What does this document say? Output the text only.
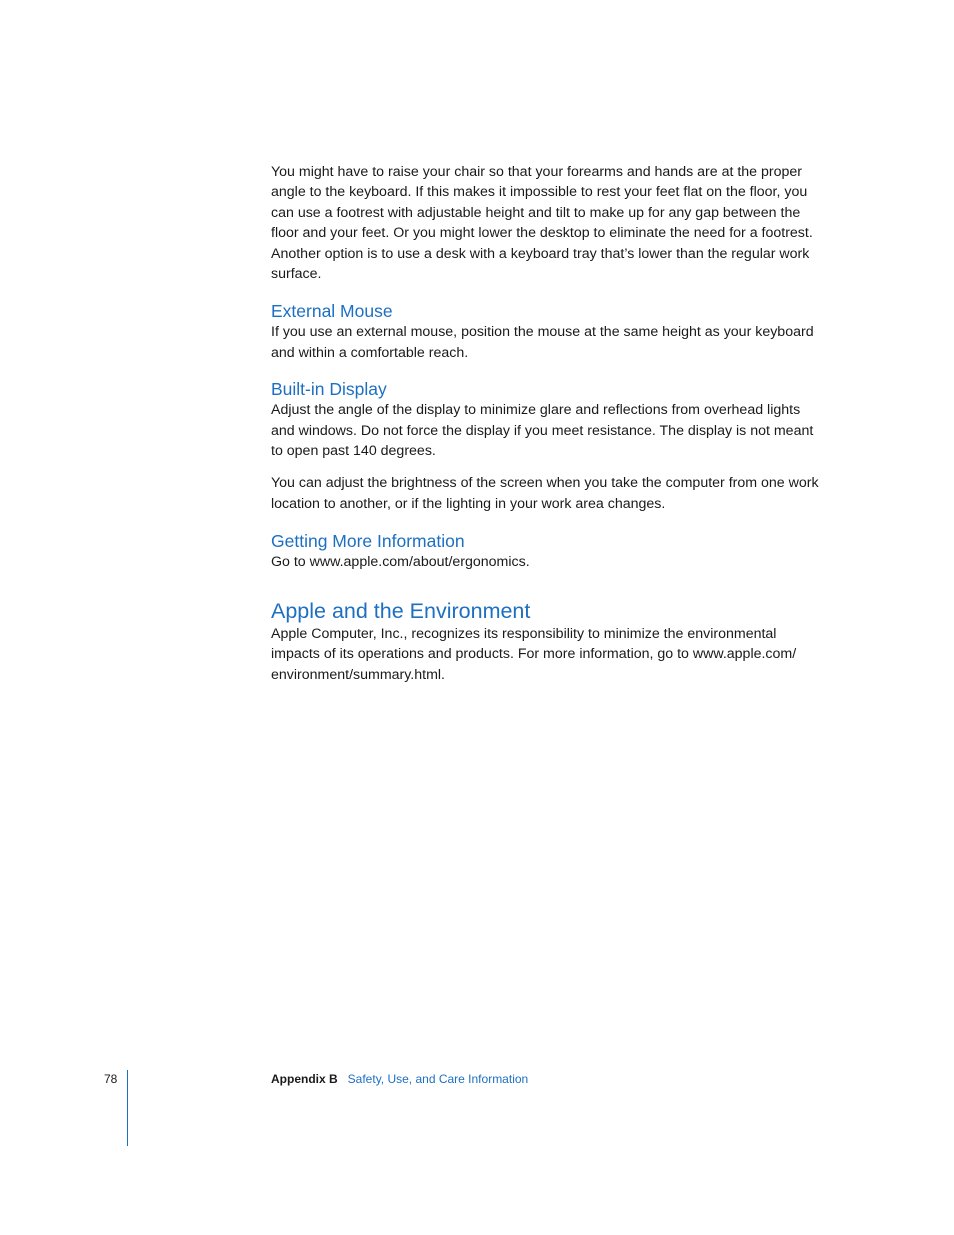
You might have to raise your chair so that your forearms and hands are at the proper angle to the keyboard. If this makes it impossible to rest your feet flat on the floor, you can use a footrest with adjustable height and tilt to make up for any gap between the floor and your feet. Or you might lower the desktop to eliminate the need for a footrest. Another option is to use a desk with a keyboard tray that’s lower than the regular work surface.

External Mouse

If you use an external mouse, position the mouse at the same height as your keyboard and within a comfortable reach.

Built-in Display

Adjust the angle of the display to minimize glare and reflections from overhead lights and windows. Do not force the display if you meet resistance. The display is not meant to open past 140 degrees.

You can adjust the brightness of the screen when you take the computer from one work location to another, or if the lighting in your work area changes.

Getting More Information

Go to www.apple.com/about/ergonomics.

Apple and the Environment

Apple Computer, Inc., recognizes its responsibility to minimize the environmental impacts of its operations and products. For more information, go to www.apple.com/ environment/summary.html.

78	Appendix B Safety, Use, and Care Information
